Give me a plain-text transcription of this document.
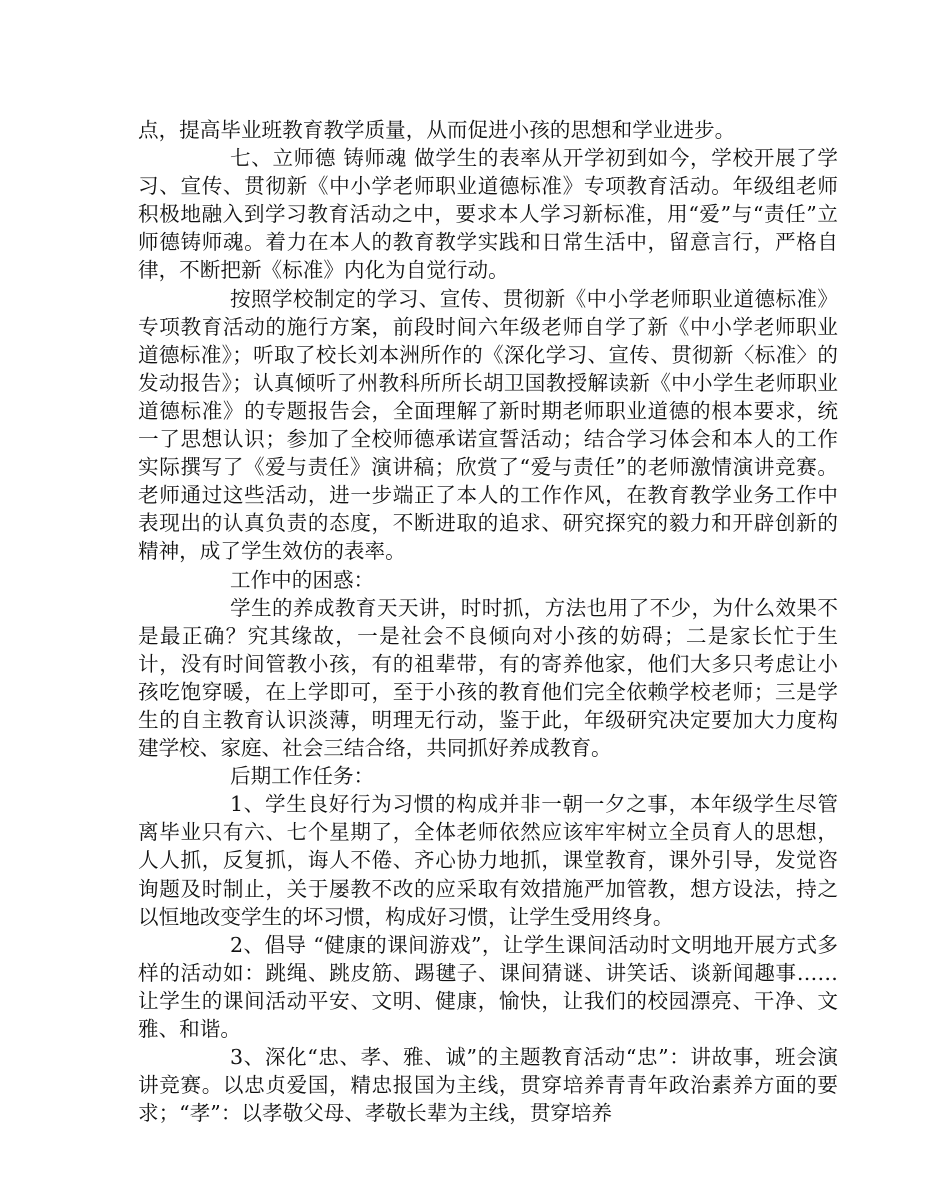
点，提高毕业班教育教学质量，从而促进小孩的思想和学业进步。

七、立师德 铸师魂 做学生的表率从开学初到如今，学校开展了学习、宣传、贯彻新《中小学老师职业道德标准》专项教育活动。年级组老师积极地融入到学习教育活动之中，要求本人学习新标准，用“爱”与“责任”立师德铸师魂。着力在本人的教育教学实践和日常生活中，留意言行，严格自律，不断把新《标准》内化为自觉行动。

按照学校制定的学习、宣传、贯彻新《中小学老师职业道德标准》专项教育活动的施行方案，前段时间六年级老师自学了新《中小学老师职业道德标准》；听取了校长刘本洲所作的《深化学习、宣传、贯彻新〈标准〉的发动报告》；认真倾听了州教科所所长胡卫国教授解读新《中小学生老师职业道德标准》的专题报告会，全面理解了新时期老师职业道德的根本要求，统一了思想认识；参加了全校师德承诺宣誓活动；结合学习体会和本人的工作实际撰写了《爱与责任》演讲稿；欣赏了“爱与责任”的老师激情演讲竞赛。老师通过这些活动，进一步端正了本人的工作作风，在教育教学业务工作中表现出的认真负责的态度，不断进取的追求、研究探究的毅力和开辟创新的精神，成了学生效仿的表率。

工作中的困惑：

学生的养成教育天天讲，时时抓，方法也用了不少，为什么效果不是最正确？究其缘故，一是社会不良倾向对小孩的妨碍；二是家长忙于生计，没有时间管教小孩，有的祖辈带，有的寄养他家，他们大多只考虑让小孩吃饱穿暖，在上学即可，至于小孩的教育他们完全依赖学校老师；三是学生的自主教育认识淡薄，明理无行动，鉴于此，年级研究决定要加大力度构建学校、家庭、社会三结合络，共同抓好养成教育。

后期工作任务：

1、学生良好行为习惯的构成并非一朝一夕之事，本年级学生尽管离毕业只有六、七个星期了，全体老师依然应该牢牢树立全员育人的思想，人人抓，反复抓，诲人不倦、齐心协力地抓，课堂教育，课外引导，发觉咨询题及时制止，关于屡教不改的应采取有效措施严加管教，想方设法，持之以恒地改变学生的坏习惯，构成好习惯，让学生受用终身。

2、倡导 “健康的课间游戏”，让学生课间活动时文明地开展方式多样的活动如：跳绳、跳皮筋、踢毽子、课间猜谜、讲笑话、谈新闻趣事……让学生的课间活动平安、文明、健康，愉快，让我们的校园漂亮、干净、文雅、和谐。

3、深化“忠、孝、雅、诚”的主题教育活动“忠”：讲故事，班会演讲竞赛。以忠贞爱国，精忠报国为主线，贯穿培养青青年政治素养方面的要求；“孝”：以孝敬父母、孝敬长辈为主线，贯穿培养
